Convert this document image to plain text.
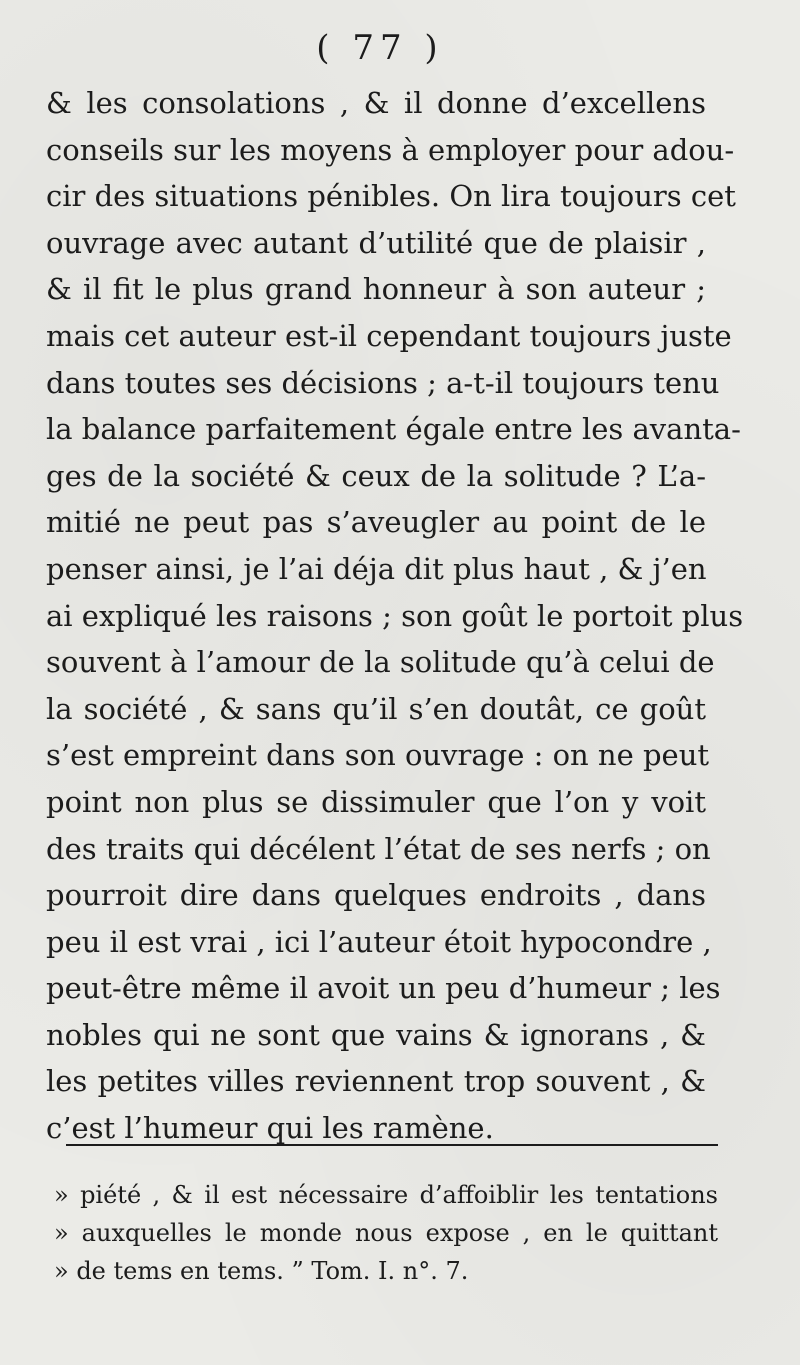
( 77 )
& les consolations , & il donne d’excellens
conseils sur les moyens à employer pour adou-
cir des situations pénibles. On lira toujours cet
ouvrage avec autant d’utilité que de plaisir ,
& il fit le plus grand honneur à son auteur ;
mais cet auteur est-il cependant toujours juste
dans toutes ses décisions ; a-t-il toujours tenu
la balance parfaitement égale entre les avanta-
ges de la société & ceux de la solitude ? L’a-
mitié ne peut pas s’aveugler au point de le
penser ainsi, je l’ai déja dit plus haut , & j’en
ai expliqué les raisons ; son goût le portoit plus
souvent à l’amour de la solitude qu’à celui de
la société , & sans qu’il s’en doutât, ce goût
s’est empreint dans son ouvrage : on ne peut
point non plus se dissimuler que l’on y voit
des traits qui décélent l’état de ses nerfs ; on
pourroit dire dans quelques endroits , dans
peu il est vrai , ici l’auteur étoit hypocondre ,
peut-être même il avoit un peu d’humeur ; les
nobles qui ne sont que vains & ignorans , &
les petites villes reviennent trop souvent , &
c’est l’humeur qui les ramène.
» piété , & il est nécessaire d’affoiblir les tentations
» auxquelles le monde nous expose , en le quittant
» de tems en tems. ” Tom. I. n°. 7.
